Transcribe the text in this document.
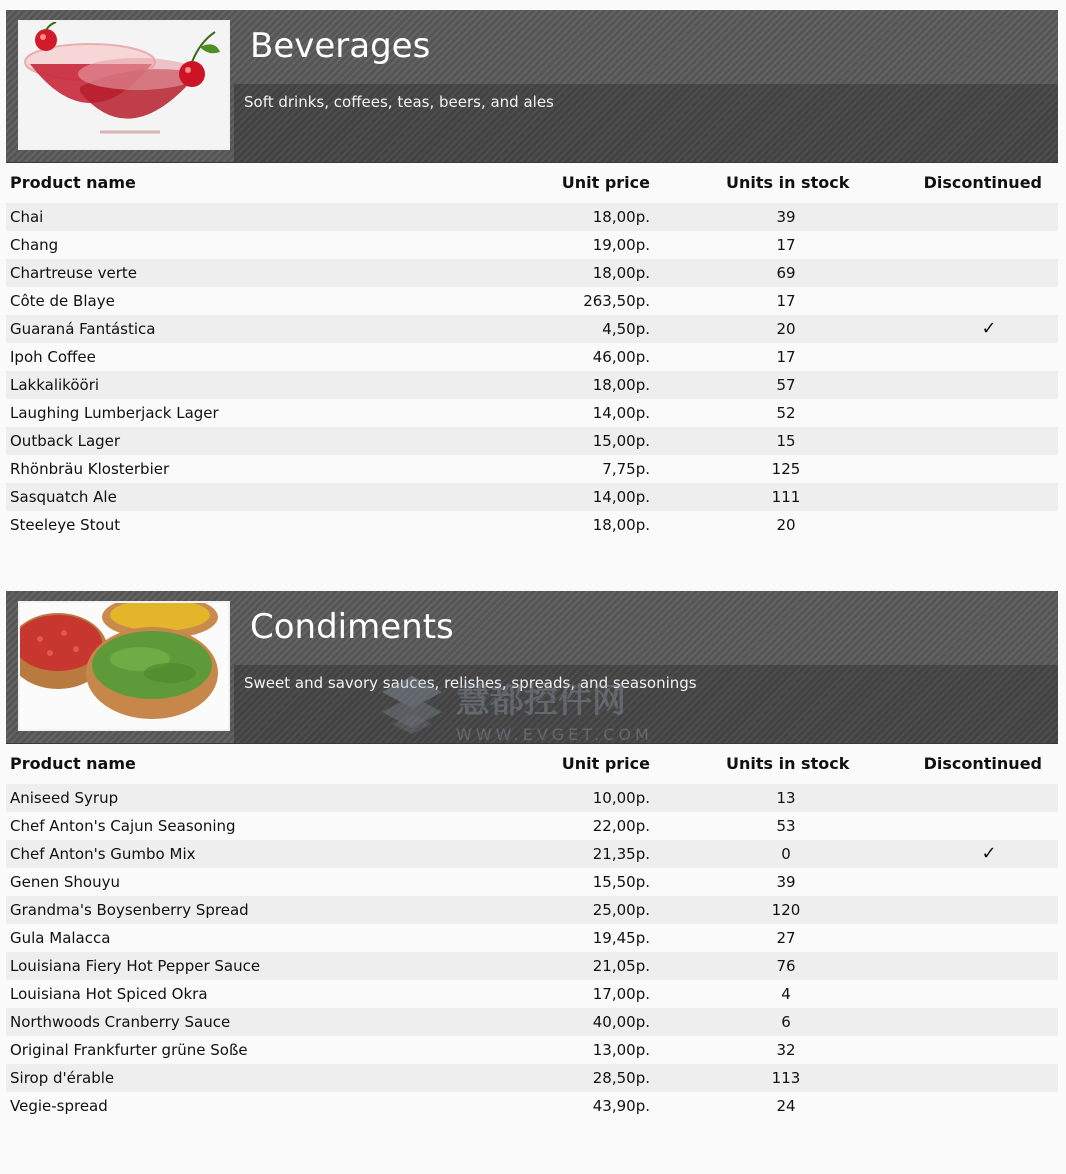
Beverages
Soft drinks, coffees, teas, beers, and ales
Product name	Unit price	Units in stock	Discontinued
Chai	18,00р.	39
Chang	19,00р.	17
Chartreuse verte	18,00р.	69
Côte de Blaye	263,50р.	17
Guaraná Fantástica	4,50р.	20	✓
Ipoh Coffee	46,00р.	17
Lakkalikööri	18,00р.	57
Laughing Lumberjack Lager	14,00р.	52
Outback Lager	15,00р.	15
Rhönbräu Klosterbier	7,75р.	125
Sasquatch Ale	14,00р.	111
Steeleye Stout	18,00р.	20
Condiments
Sweet and savory sauces, relishes, spreads, and seasonings
Product name	Unit price	Units in stock	Discontinued
Aniseed Syrup	10,00р.	13
Chef Anton's Cajun Seasoning	22,00р.	53
Chef Anton's Gumbo Mix	21,35р.	0	✓
Genen Shouyu	15,50р.	39
Grandma's Boysenberry Spread	25,00р.	120
Gula Malacca	19,45р.	27
Louisiana Fiery Hot Pepper Sauce	21,05р.	76
Louisiana Hot Spiced Okra	17,00р.	4
Northwoods Cranberry Sauce	40,00р.	6
Original Frankfurter grüne Soße	13,00р.	32
Sirop d'érable	28,50р.	113
Vegie-spread	43,90р.	24
慧都控件网
WWW.EVGET.COM
